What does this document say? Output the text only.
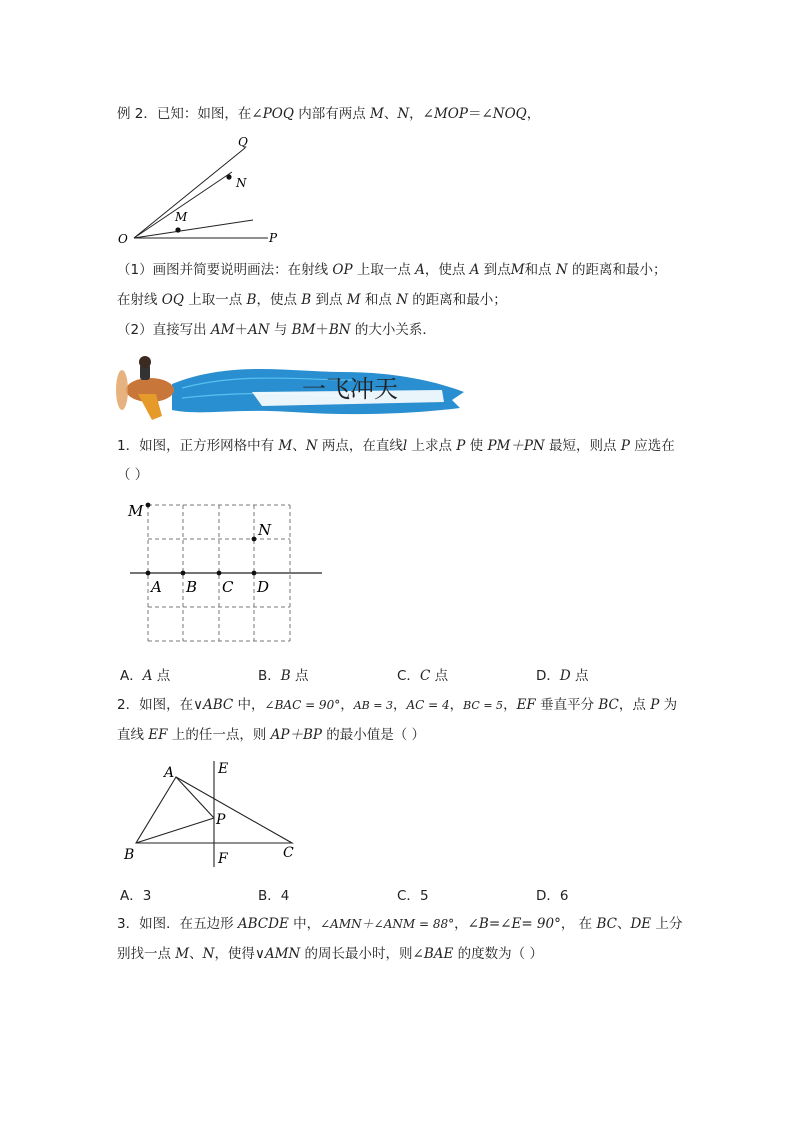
例 2．已知：如图，在∠POQ 内部有两点 M、N，∠MOP＝∠NOQ，
Q
N
M
O	P
（1）画图并简要说明画法：在射线 OP 上取一点 A，使点 A 到点M和点 N 的距离和最小；
在射线 OQ 上取一点 B，使点 B 到点 M 和点 N 的距离和最小；
（2）直接写出 AM＋AN 与 BM＋BN 的大小关系．
一飞冲天
1．如图，正方形网格中有 M、N 两点，在直线l 上求点 P 使 PM＋PN 最短，则点 P 应选在
（ ）
M
N
A B C D
A．A 点	B．B 点	C．C 点	D．D 点
2．如图，在∨ABC 中，∠BAC = 90°，AB = 3，AC = 4，BC = 5，EF 垂直平分 BC，点 P 为
直线 EF 上的任一点，则 AP＋BP 的最小值是（ ）
A	E
P
B	F	C
A．3	B．4	C．5	D．6
3．如图．在五边形 ABCDE 中，∠AMN＋∠ANM = 88°，∠B=∠E= 90°， 在 BC、DE 上分
别找一点 M、N，使得∨AMN 的周长最小时，则∠BAE 的度数为（ ）
